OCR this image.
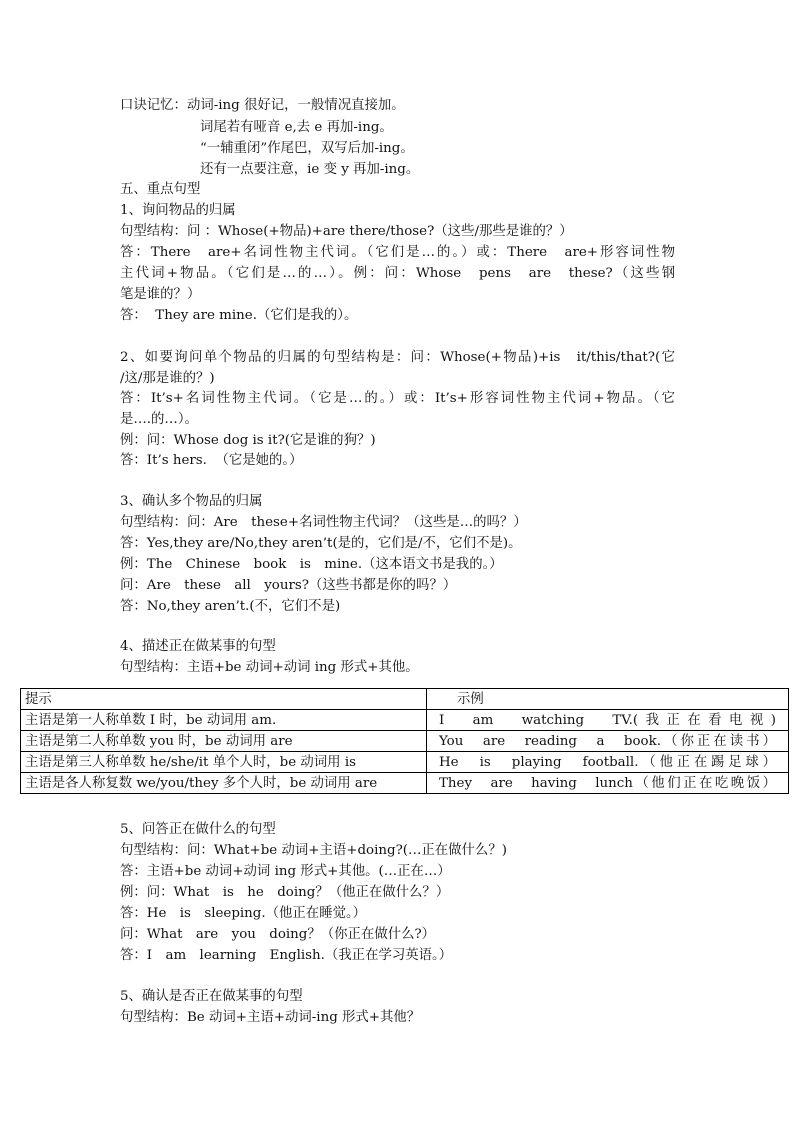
口诀记忆：动词-ing 很好记，一般情况直接加。
词尾若有哑音 e,去 e 再加-ing。
“一辅重闭”作尾巴，双写后加-ing。
还有一点要注意，ie 变 y 再加-ing。
五、重点句型
1、询问物品的归属
句型结构：问 ：Whose(+物品)+are there/those?（这些/那些是谁的？）
答：There　are+名词性物主代词。（它们是…的。）或：There　are+形容词性物
主代词+物品。（它们是…的…）。例：问：Whose　pens　are　these?（这些钢
笔是谁的？）
答：  They are mine.（它们是我的）。
2、如要询问单个物品的归属的句型结构是：问：Whose(+物品)+is　it/this/that?(它
/这/那是谁的？)
答：It’s+名词性物主代词。（它是…的。）或：It’s+形容词性物主代词+物品。（它
是….的…）。
例：问：Whose dog is it?(它是谁的狗？)
答：It’s hers.  （它是她的。）
3、确认多个物品的归属
句型结构：问：Are　these+名词性物主代词？（这些是…的吗？）
答：Yes,they are/No,they aren’t(是的，它们是/不，它们不是)。
例：The　Chinese　book　is　mine.（这本语文书是我的。）
问：Are　these　all　yours?（这些书都是你的吗？）
答：No,they aren’t.(不，它们不是)
4、描述正在做某事的句型
句型结构：主语+be 动词+动词 ing 形式+其他。
提示	示例
主语是第一人称单数 I 时，be 动词用 am.	I　am　watching　TV.(我正在看电视)
主语是第二人称单数 you 时，be 动词用 are	You　are　reading　a　book.（你正在读书）
主语是第三人称单数 he/she/it 单个人时，be 动词用 is	He　is　playing　football.（他正在踢足球）
主语是各人称复数 we/you/they 多个人时，be 动词用 are	They　are　having　lunch（他们正在吃晚饭）
5、问答正在做什么的句型
句型结构：问：What+be 动词+主语+doing?(…正在做什么？)
答：主语+be 动词+动词 ing 形式+其他。(…正在…）
例：问：What　is　he　doing？（他正在做什么？）
答：He　is　sleeping.（他正在睡觉。）
问：What　are　you　doing？（你正在做什么?）
答：I　am　learning　English.（我正在学习英语。）
5、确认是否正在做某事的句型
句型结构：Be 动词+主语+动词-ing 形式+其他？
